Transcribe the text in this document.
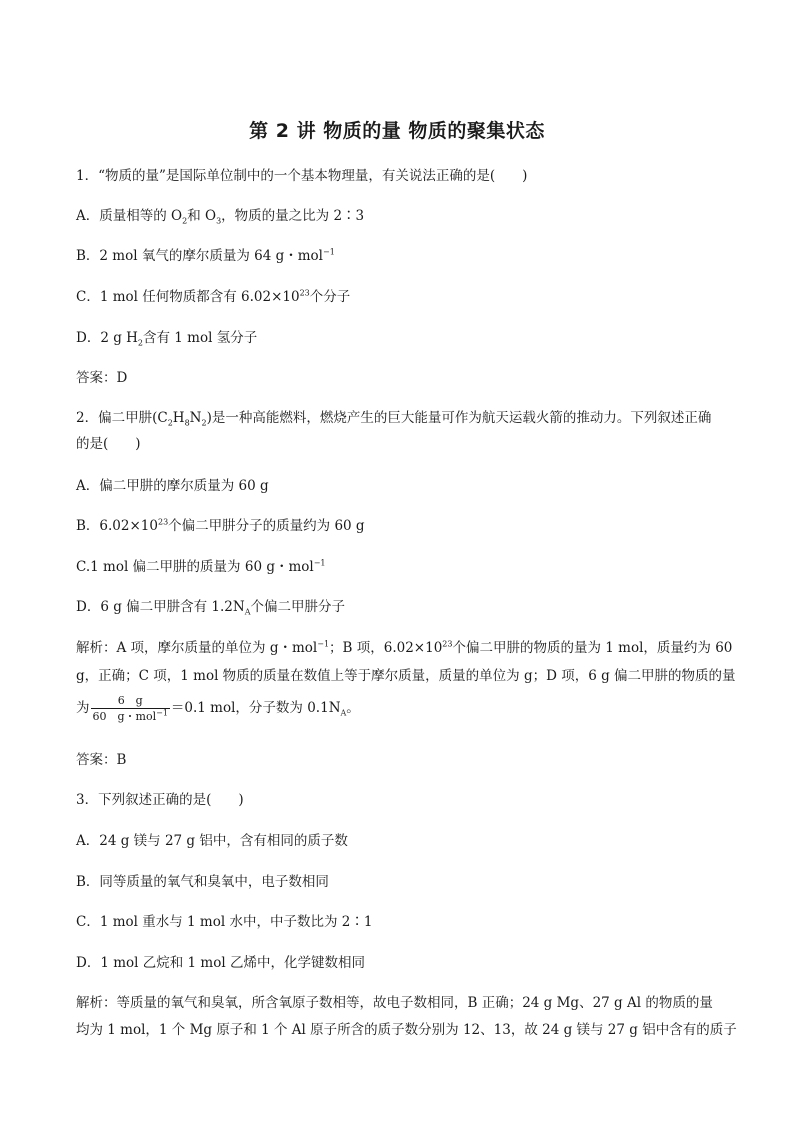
第 2 讲 物质的量 物质的聚集状态
1．“物质的量”是国际单位制中的一个基本物理量，有关说法正确的是(　　)
A．质量相等的 $O_2$和 $O_3$，物质的量之比为 2∶3
B．2 mol 氧气的摩尔质量为 64 g・mol$^{-1}$
C．1 mol 任何物质都含有 $6.02\times 10^{23}$个分子
D．2 g $H_2$含有 1 mol 氢分子
答案：D
2．偏二甲肼$(C_2H_8N_2)$是一种高能燃料，燃烧产生的巨大能量可作为航天运载火箭的推动力。下列叙述正确
的是(　　)
A．偏二甲肼的摩尔质量为 60 g
B．$6.02\times 10^{23}$个偏二甲肼分子的质量约为 60 g
C.1 mol 偏二甲肼的质量为 60 g・mol$^{-1}$
D．6 g 偏二甲肼含有 $1.2N_A$个偏二甲肼分子
解析：A 项，摩尔质量的单位为 g・mol$^{-1}$；B 项，$6.02\times 10^{23}$个偏二甲肼的物质的量为 1 mol，质量约为 60
g，正确；C 项，1 mol 物质的质量在数值上等于摩尔质量，质量的单位为 g；D 项，6 g 偏二甲肼的物质的量
为 $\frac{6 g}{60 g・mol^{-1}} =0.1$ mol，分子数为 $0.1N_A$。
答案：B
3．下列叙述正确的是(　　)
A．24 g 镁与 27 g 铝中，含有相同的质子数
B．同等质量的氧气和臭氧中，电子数相同
C．1 mol 重水与 1 mol 水中，中子数比为 2∶1
D．1 mol 乙烷和 1 mol 乙烯中，化学键数相同
解析：等质量的氧气和臭氧，所含氧原子数相等，故电子数相同，B 正确；24 g Mg、27 g Al 的物质的量
均为 1 mol，1 个 Mg 原子和 1 个 Al 原子所含的质子数分别为 12、13，故 24 g 镁与 27 g 铝中含有的质子
